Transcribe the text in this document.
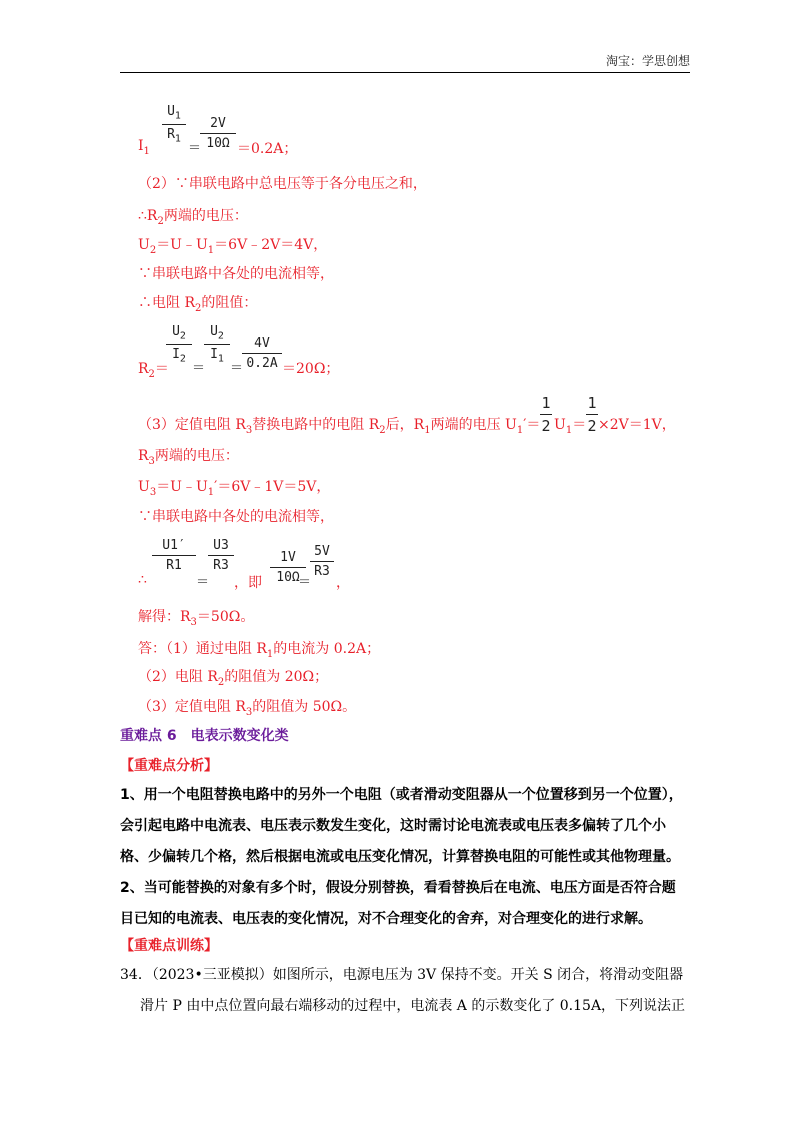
淘宝：学思创想
$U_1$
$R_1$
＝
2V
10Ω
$I_1$	＝0.2A；
（2）∵串联电路中总电压等于各分电压之和，
$\therefore R_2$两端的电压：
$U_2=U﹣U_1=6V﹣2V=4V$，
∵串联电路中各处的电流相等，
∴电阻 $R_2$的阻值：
$R_2=$
$U_2$
$I_2$
＝
$U_2$
$I_1$
＝
4V
0.2A ＝20Ω；
（3）定值电阻 $R_3$替换电路中的电阻 $R_2$后，$R_1$两端的电压 $U_1'=$
1
2 $U_1=$
1
2 ×2V＝1V，
$R_3$两端的电压：
$U_3=U﹣U_1'=6V﹣1V=5V$，
∵串联电路中各处的电流相等，
∴
U1′
R1
＝
U3
R3
，即
1V
10Ω
＝
5V
R3
，
解得：$R_3=50\Omega$。
答：（1）通过电阻 $R_1$的电流为 0.2A；
（2）电阻 $R_2$的阻值为 20Ω；
（3）定值电阻 $R_3$的阻值为 50Ω。
重难点 6　电表示数变化类
【重难点分析】
1、用一个电阻替换电路中的另外一个电阻（或者滑动变阻器从一个位置移到另一个位置），
会引起电路中电流表、电压表示数发生变化，这时需讨论电流表或电压表多偏转了几个小
格、少偏转几个格，然后根据电流或电压变化情况，计算替换电阻的可能性或其他物理量。
2、当可能替换的对象有多个时，假设分别替换，看看替换后在电流、电压方面是否符合题
目已知的电流表、电压表的变化情况，对不合理变化的舍弃，对合理变化的进行求解。
【重难点训练】
34．（2023•三亚模拟）如图所示，电源电压为 3V 保持不变。开关 S 闭合，将滑动变阻器
滑片 P 由中点位置向最右端移动的过程中，电流表 A 的示数变化了 0.15A，下列说法正
